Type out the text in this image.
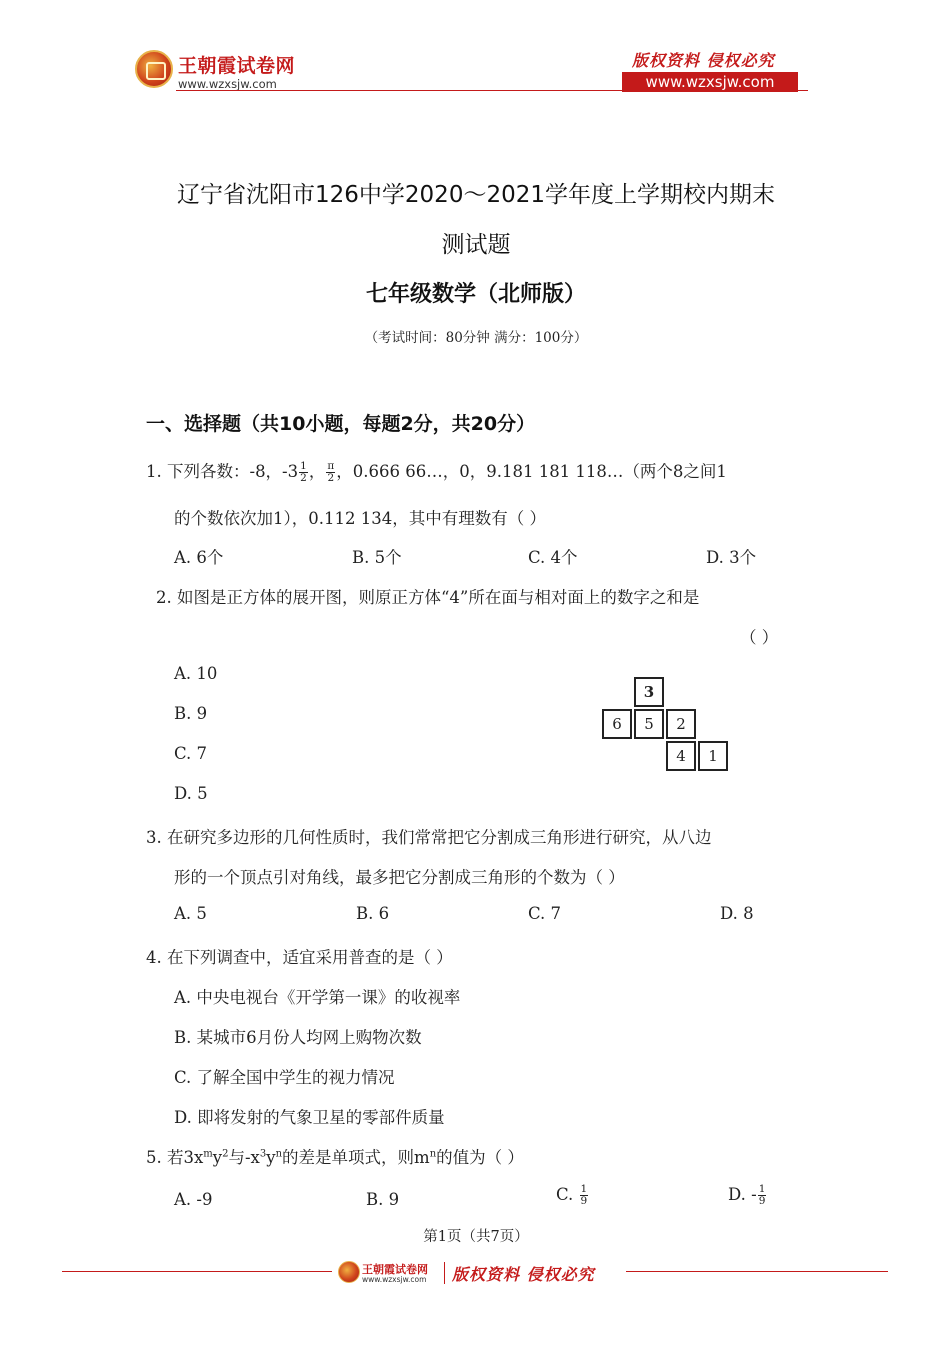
王朝霞试卷网
www.wzxsjw.com
版权资料 侵权必究
www.wzxsjw.com
辽宁省沈阳市126中学2020～2021学年度上学期校内期末
测试题
七年级数学（北师版）
（考试时间：80分钟 满分：100分）
一、选择题（共10小题，每题2分，共20分）
1. 下列各数：-8，$-3 \frac{1}{2}$ ， $\frac{\pi}{2}$ ，0.666 66…，0，9.181 181 118…（两个8之间1
的个数依次加1），0.112 134，其中有理数有（ ）
A. 6个	B. 5个	C. 4个	D. 3个
2. 如图是正方体的展开图，则原正方体“4”所在面与相对面上的数字之和是
（ ）
A. 10
B. 9
C. 7
D. 5
3
6	5	2
4	1
3. 在研究多边形的几何性质时，我们常常把它分割成三角形进行研究，从八边
形的一个顶点引对角线，最多把它分割成三角形的个数为（ ）
A. 5	B. 6	C. 7	D. 8
4. 在下列调查中，适宜采用普查的是（ ）
A. 中央电视台《开学第一课》的收视率
B. 某城市6月份人均网上购物次数
C. 了解全国中学生的视力情况
D. 即将发射的气象卫星的零部件质量
5. 若$3x^my^2$与$-x^3y^n$的差是单项式，则$m^n$的值为（ ）
A. -9	B. 9	C. $\frac{1}{9}$	D. - $\frac{1}{9}$
第1页（共7页）
王朝霞试卷网
www.wzxsjw.com 版权资料 侵权必究
